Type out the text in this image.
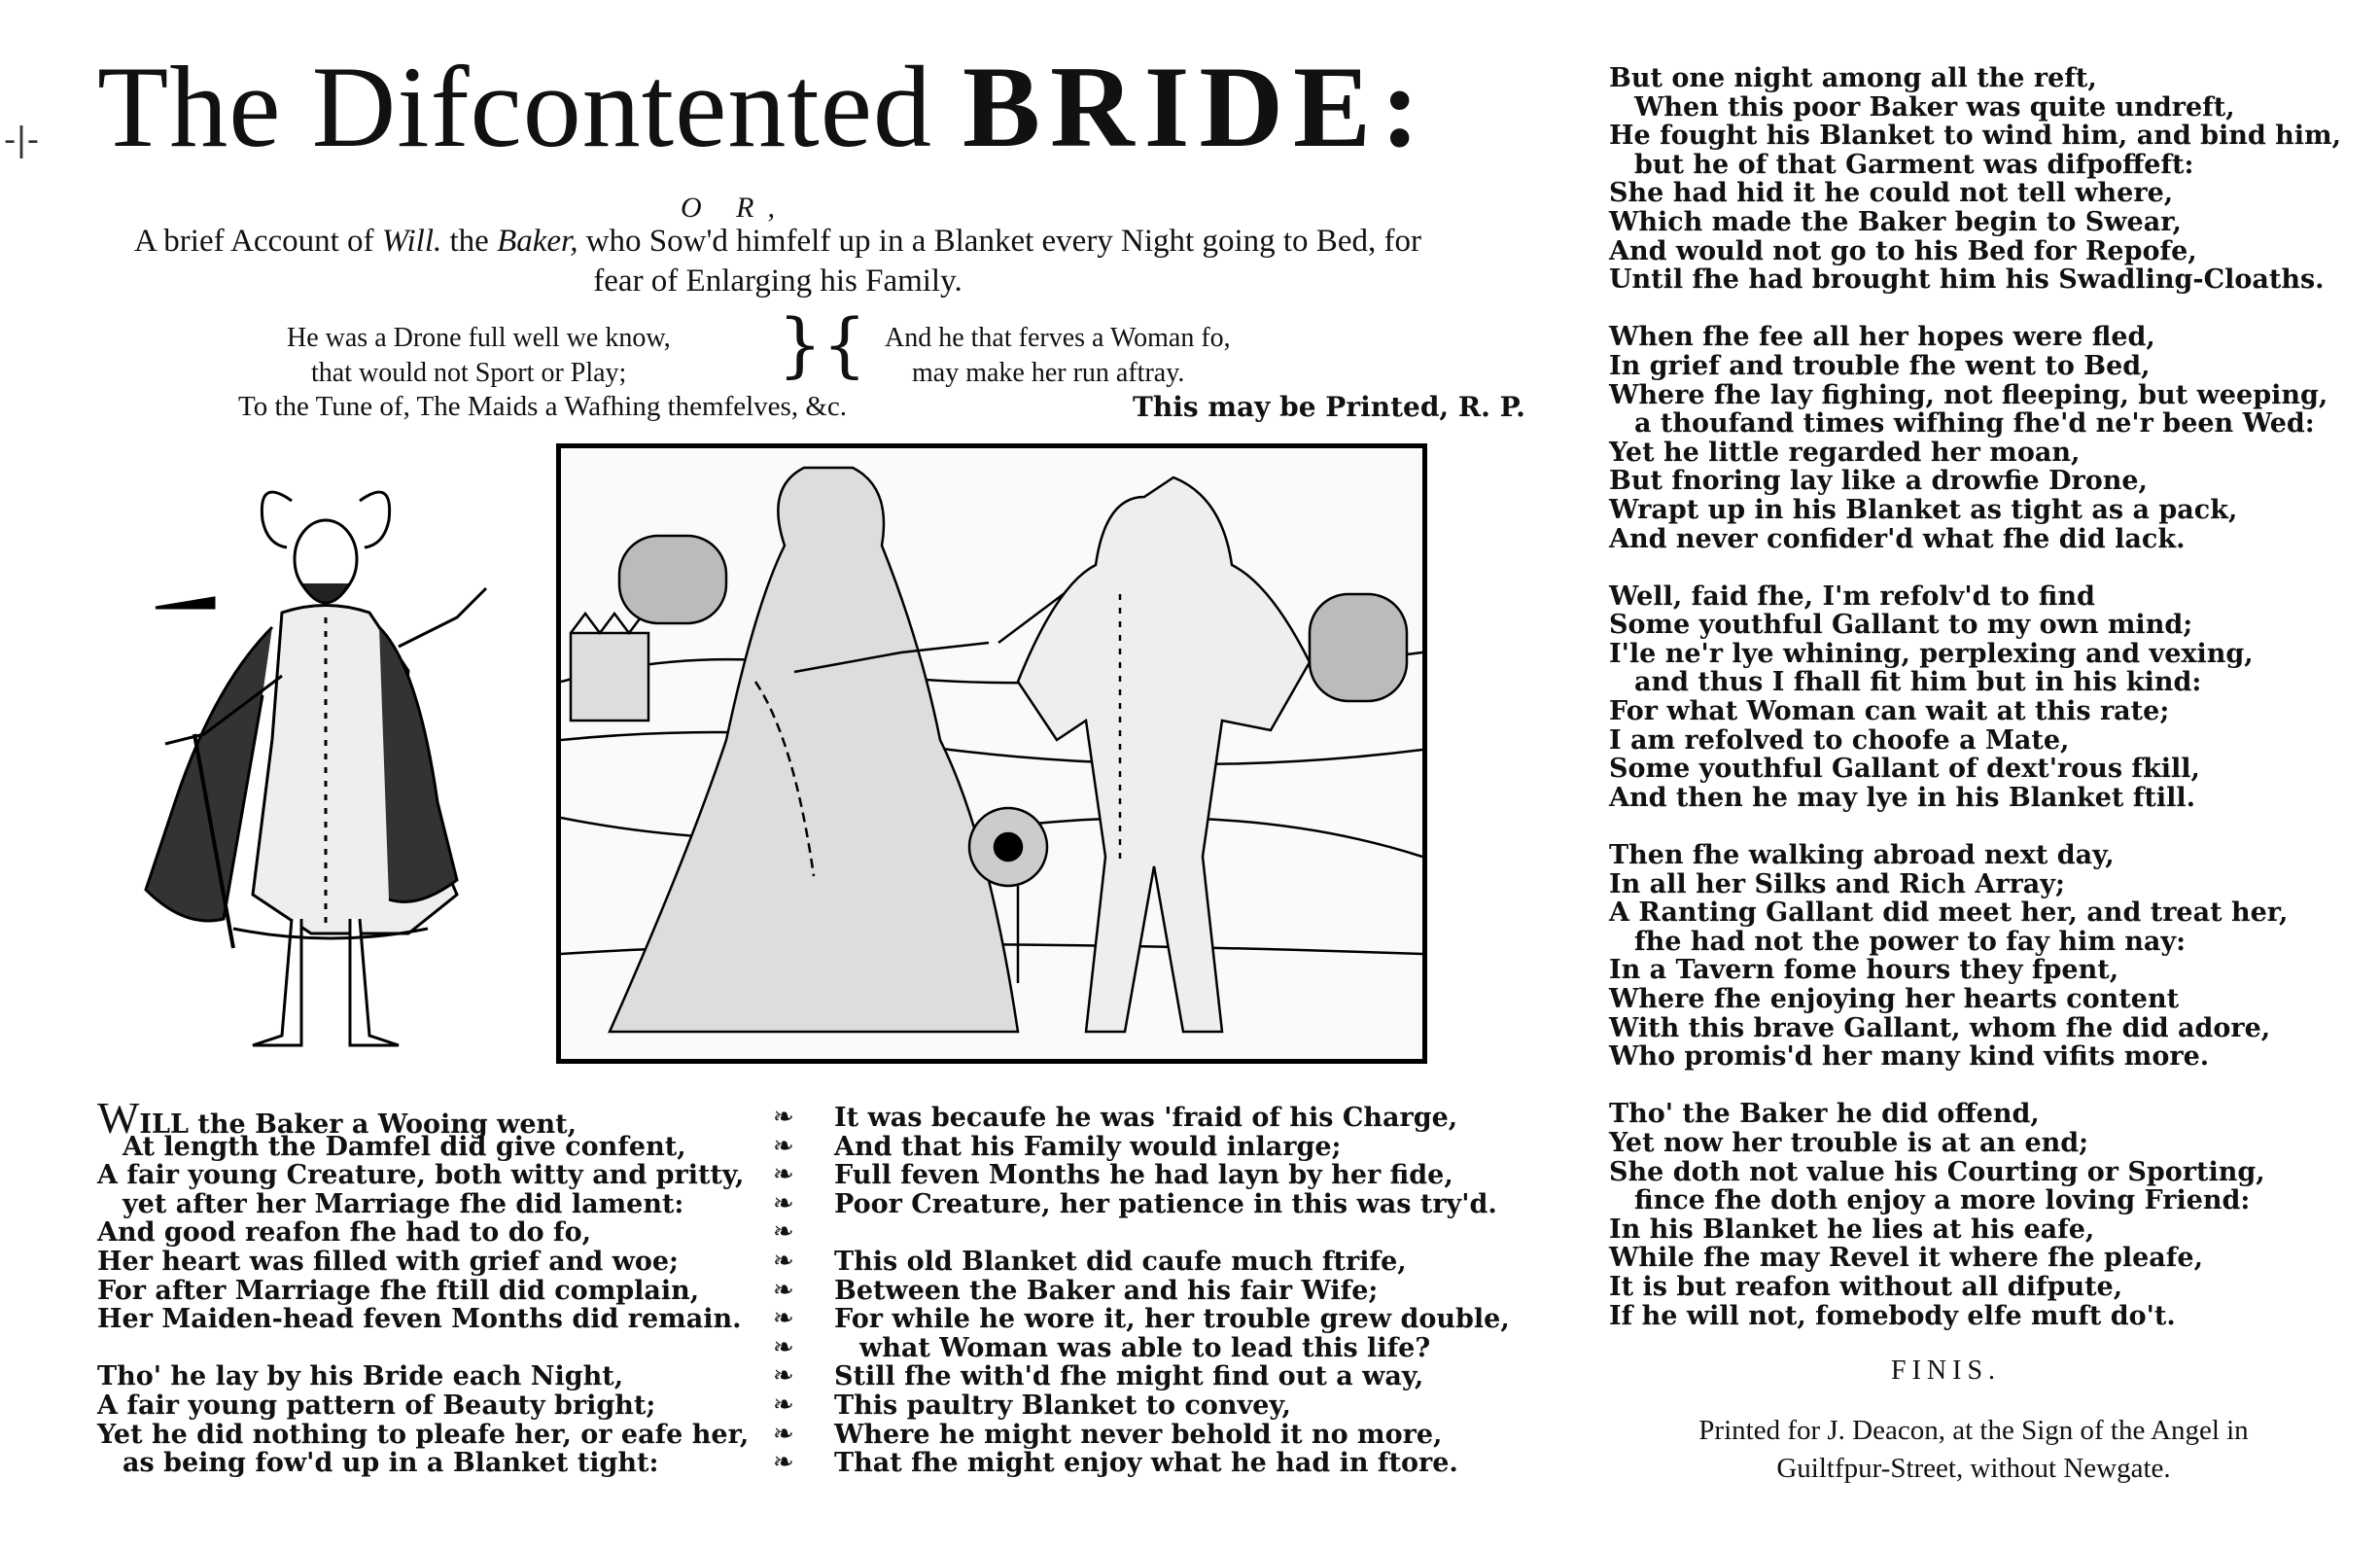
-|- The Difcontented BRIDE:
O R,
A brief Account of Will. the Baker, who Sow'd himfelf up in a Blanket every Night going to Bed, for
fear of Enlarging his Family.
He was a Drone full well we know,
that would not Sport or Play;	}{ And he that ferves a Woman fo,
may make her run aftray.
To the Tune of, The Maids a Wafhing themfelves, &c.	This may be Printed, R. P.
WILL the Baker a Wooing went,
At length the Damfel did give confent,
A fair young Creature, both witty and pritty,
yet after her Marriage fhe did lament:
And good reafon fhe had to do fo,
Her heart was filled with grief and woe;
For after Marriage fhe ftill did complain,
Her Maiden-head feven Months did remain.
Tho' he lay by his Bride each Night,
A fair young pattern of Beauty bright;
Yet he did nothing to pleafe her, or eafe her,
as being fow'd up in a Blanket tight:
❧
❧
❧
❧
❧
❧
❧
❧
❧
❧
❧
❧
❧
It was becaufe he was 'fraid of his Charge,
And that his Family would inlarge;
Full feven Months he had layn by her fide,
Poor Creature, her patience in this was try'd.
This old Blanket did caufe much ftrife,
Between the Baker and his fair Wife;
For while he wore it, her trouble grew double,
what Woman was able to lead this life?
Still fhe with'd fhe might find out a way,
This paultry Blanket to convey,
Where he might never behold it no more,
That fhe might enjoy what he had in ftore.
But one night among all the reft,
When this poor Baker was quite undreft,
He fought his Blanket to wind him, and bind him,
but he of that Garment was difpoffeft:
She had hid it he could not tell where,
Which made the Baker begin to Swear,
And would not go to his Bed for Repofe,
Until fhe had brought him his Swadling-Cloaths.
When fhe fee all her hopes were fled,
In grief and trouble fhe went to Bed,
Where fhe lay fighing, not fleeping, but weeping,
a thoufand times wifhing fhe'd ne'r been Wed:
Yet he little regarded her moan,
But fnoring lay like a drowfie Drone,
Wrapt up in his Blanket as tight as a pack,
And never confider'd what fhe did lack.
Well, faid fhe, I'm refolv'd to find
Some youthful Gallant to my own mind;
I'le ne'r lye whining, perplexing and vexing,
and thus I fhall fit him but in his kind:
For what Woman can wait at this rate;
I am refolved to choofe a Mate,
Some youthful Gallant of dext'rous fkill,
And then he may lye in his Blanket ftill.
Then fhe walking abroad next day,
In all her Silks and Rich Array;
A Ranting Gallant did meet her, and treat her,
fhe had not the power to fay him nay:
In a Tavern fome hours they fpent,
Where fhe enjoying her hearts content
With this brave Gallant, whom fhe did adore,
Who promis'd her many kind vifits more.
Tho' the Baker he did offend,
Yet now her trouble is at an end;
She doth not value his Courting or Sporting,
fince fhe doth enjoy a more loving Friend:
In his Blanket he lies at his eafe,
While fhe may Revel it where fhe pleafe,
It is but reafon without all difpute,
If he will not, fomebody elfe muft do't.
FINIS.
Printed for J. Deacon, at the Sign of the Angel in
Guiltfpur-Street, without Newgate.
